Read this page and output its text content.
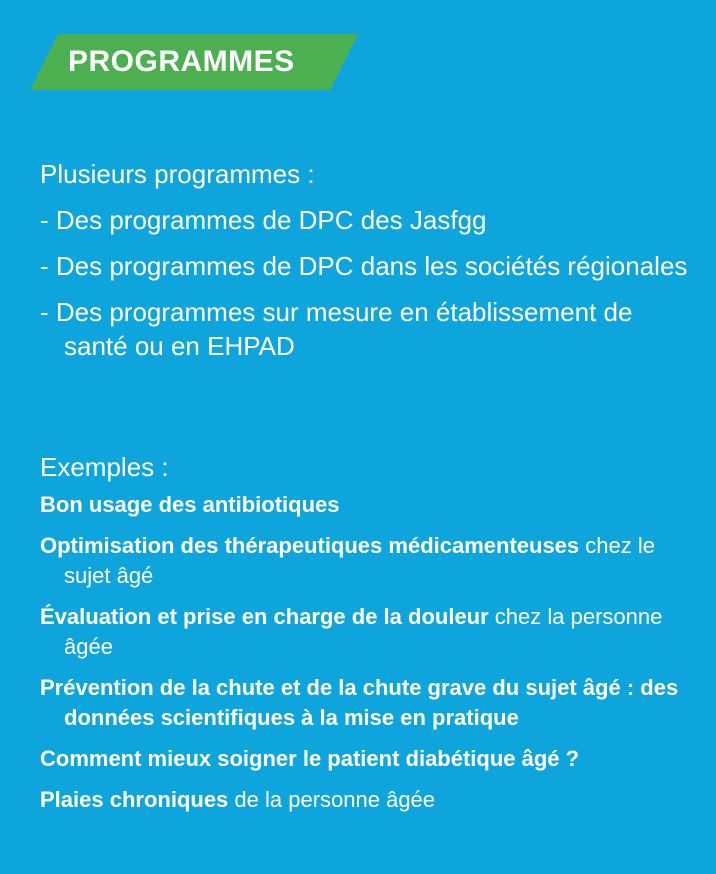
PROGRAMMES

Plusieurs programmes :

- Des programmes de DPC des Jasfgg

- Des programmes de DPC dans les sociétés régionales

- Des programmes sur mesure en établissement de santé ou en EHPAD

Exemples :

Bon usage des antibiotiques

Optimisation des thérapeutiques médicamenteuses chez le sujet âgé

Évaluation et prise en charge de la douleur chez la personne âgée

Prévention de la chute et de la chute grave du sujet âgé : des données scientifiques à la mise en pratique

Comment mieux soigner le patient diabétique âgé ?

Plaies chroniques de la personne âgée
